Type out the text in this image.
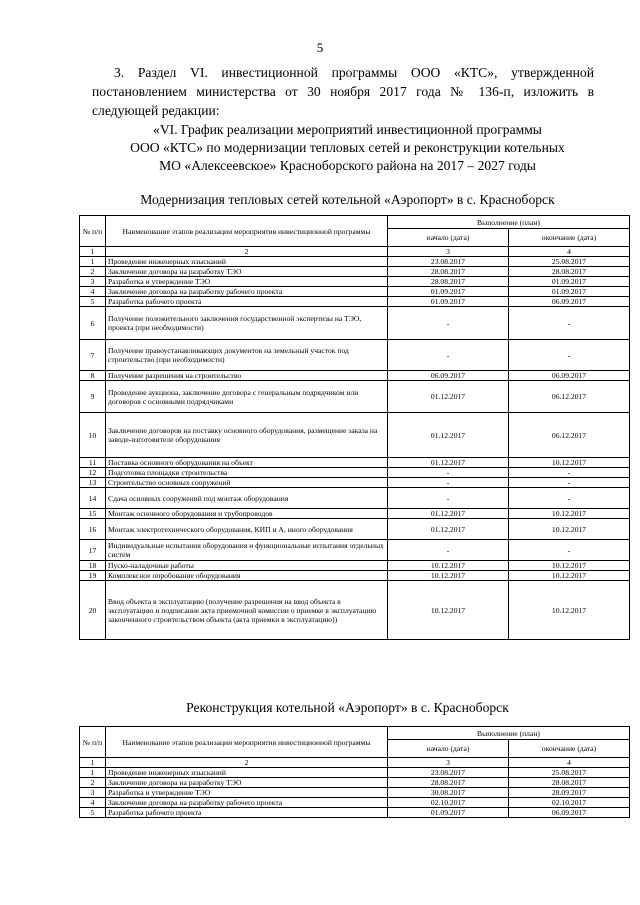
5
3. Раздел VI. инвестиционной программы ООО «КТС», утвержденной постановлением министерства от 30 ноября 2017 года № 136-п, изложить в следующей редакции:
«VI. График реализации мероприятий инвестиционной программы
ООО «КТС» по модернизации тепловых сетей и реконструкции котельных
МО «Алексеевское» Красноборского района на 2017 – 2027 годы
Модернизация тепловых сетей котельной «Аэропорт» в с. Красноборск
№ п/п	Наименование этапов реализации мероприятия инвестиционной программы	Выполнение (план)	
		начало (дата)	окончание (дата)
1	2	3	4
1	Проведение инженерных изысканий	23.08.2017	25.08.2017
2	Заключение договора на разработку ТЭО	28.08.2017	28.08.2017
3	Разработка и утверждение ТЭО	28.08.2017	01.09.2017
4	Заключение договора на разработку рабочего проекта	01.09.2017	01.09.2017
5	Разработка рабочего проекта	01.09.2017	06.09.2017
6	Получение положительного заключения государственной экспертизы на ТЭО, проекта (при необходимости)	-	-
7	Получение правоустанавливающих документов на земельный участок под строительство (при необходимости)	-	-
8	Получение разрешения на строительство	06.09.2017	06.09.2017
9	Проведение аукциона, заключение договора с генеральным подрядчиком или договоров с основными подрядчиками	01.12.2017	06.12.2017
10	Заключение договоров на поставку основного оборудования, размещение заказа на заводе-изготовителе оборудования	01.12.2017	06.12.2017
11	Поставка основного оборудования на объект	01.12.2017	10.12.2017
12	Подготовка площадки строительства	-	-
13	Строительство основных сооружений	-	-
14	Сдача основных сооружений под монтаж оборудования	-	-
15	Монтаж основного оборудования и трубопроводов	01.12.2017	10.12.2017
16	Монтаж электротехнического оборудования, КИП и А, иного оборудования	01.12.2017	10.12.2017
17	Индивидуальные испытания оборудования и функциональные испытания отдельных систем	-	-
18	Пуско-наладочные работы	10.12.2017	10.12.2017
19	Комплексное опробование оборудования	10.12.2017	10.12.2017
20	Ввод объекта в эксплуатацию (получение разрешения на ввод объекта в эксплуатацию и подписание акта приемочной комиссии о приемке в эксплуатацию законченного строительством объекта (акта приемки в эксплуатацию))	10.12.2017	10.12.2017
Реконструкция котельной «Аэропорт» в с. Красноборск
№ п/п	Наименование этапов реализации мероприятия инвестиционной программы	Выполнение (план)	
		начало (дата)	окончание (дата)
1	2	3	4
1	Проведение инженерных изысканий	23.08.2017	25.08.2017
2	Заключение договора на разработку ТЭО	28.08.2017	28.08.2017
3	Разработка и утверждение ТЭО	30.08.2017	28.09.2017
4	Заключение договора на разработку рабочего проекта	02.10.2017	02.10.2017
5	Разработка рабочего проекта	01.09.2017	06.09.2017
